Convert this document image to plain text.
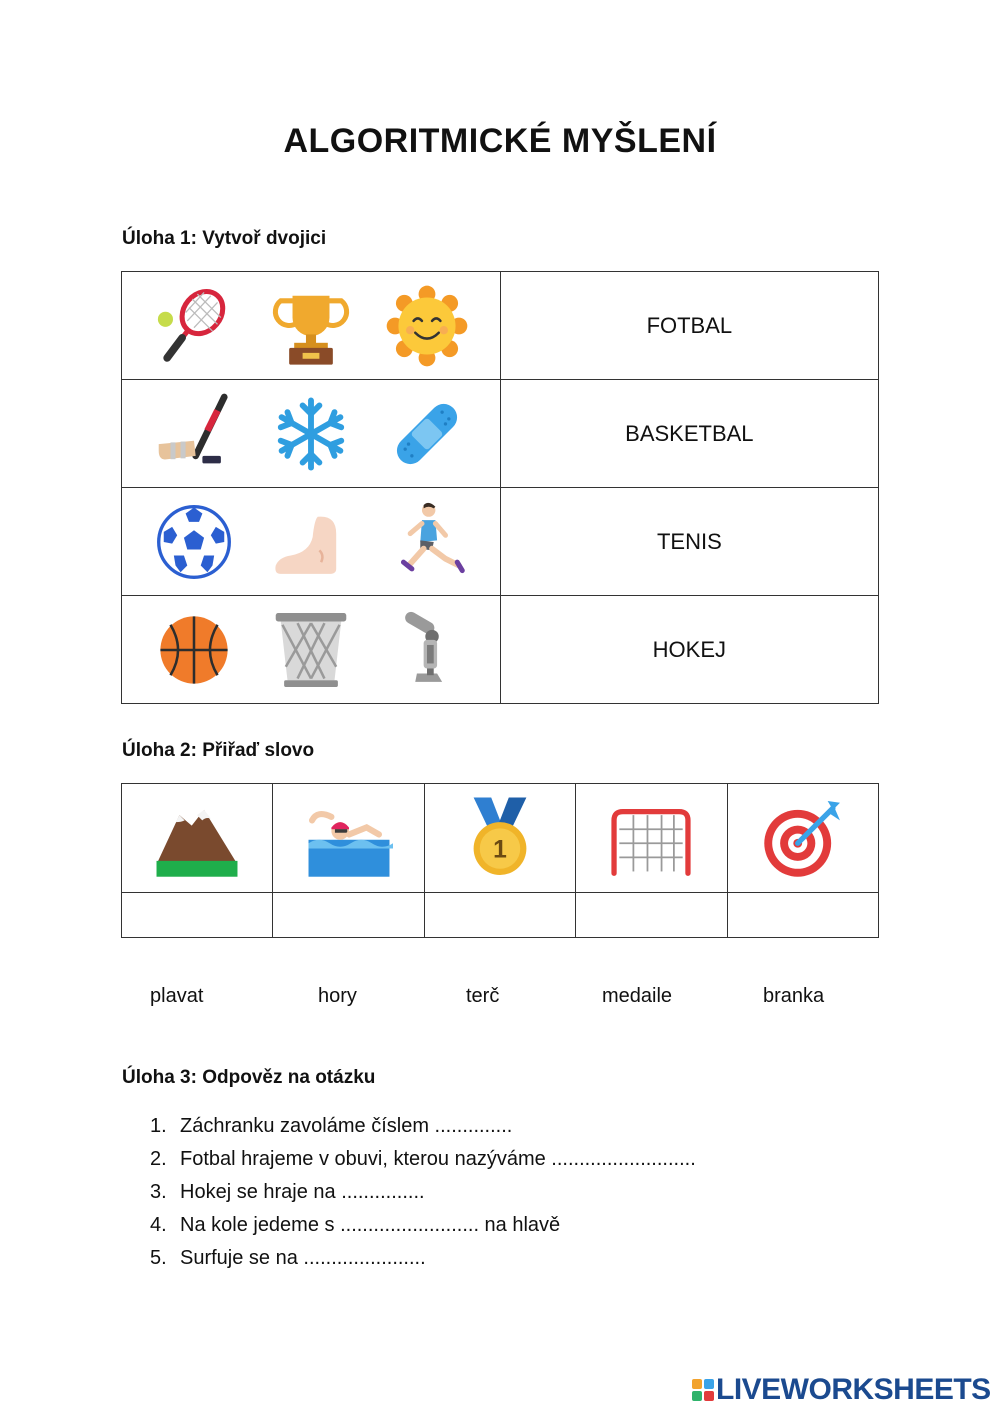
ALGORITMICKÉ MYŠLENÍ
Úloha 1: Vytvoř dvojici
	FOTBAL

	BASKETBAL

	TENIS

	HOKEJ
Úloha 2: Přiřaď slovo

1

plavat	hory	terč	medaile	branka
Úloha 3: Odpověz na otázku
1. Záchranku zavoláme číslem ..............
2. Fotbal hrajeme v obuvi, kterou nazýváme ..........................
3. Hokej se hraje na ...............
4. Na kole jedeme s ......................... na hlavě
5. Surfuje se na ......................
LIVEWORKSHEETS
